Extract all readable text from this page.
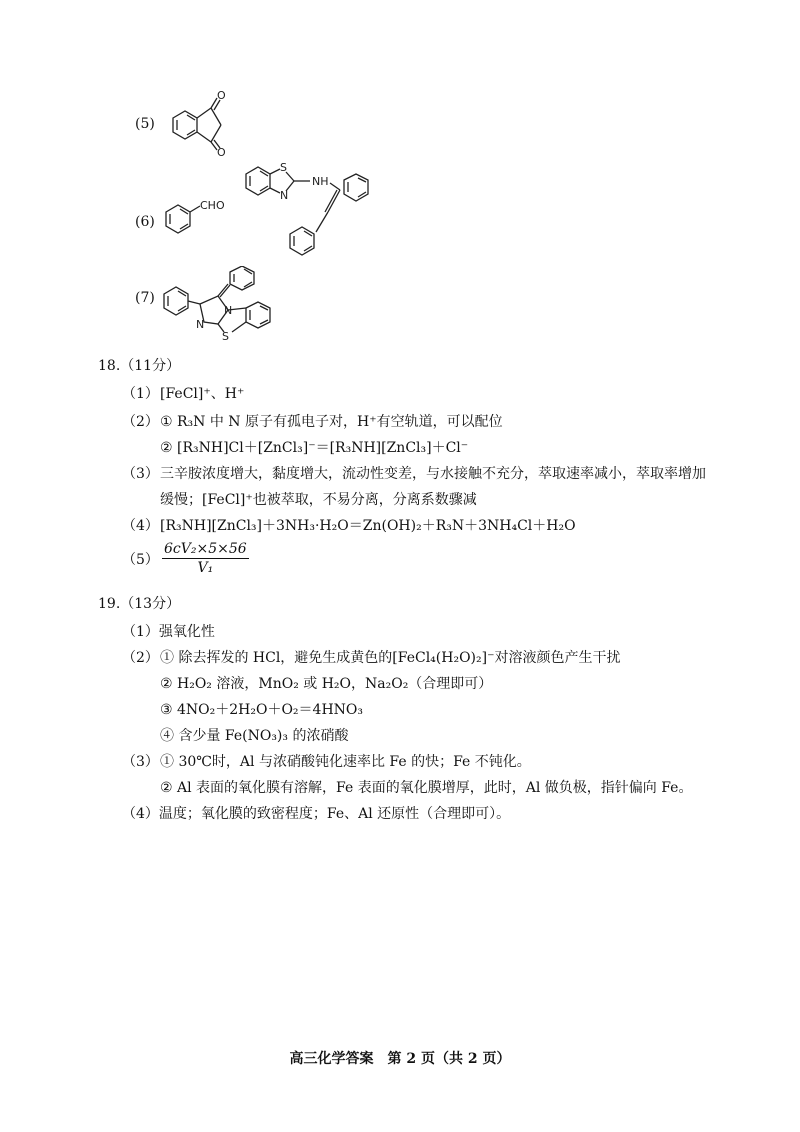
(5)
O
O
(6)
CHO
S
N
NH
(7)
N
N
S
18.（11分）
（1） [FeCl]⁺、H⁺
（2） ① R₃N 中 N 原子有孤电子对，H⁺有空轨道，可以配位
② [R₃NH]Cl＋[ZnCl₃]⁻＝[R₃NH][ZnCl₃]＋Cl⁻
（3） 三辛胺浓度增大，黏度增大，流动性变差，与水接触不充分，萃取速率减小，萃取率增加
缓慢；[FeCl]⁺也被萃取，不易分离，分离系数骤减
（4） [R₃NH][ZnCl₃]＋3NH₃·H₂O＝Zn(OH)₂＋R₃N＋3NH₄Cl＋H₂O
$(5) \frac{\text{6cV₂×5×56}}{\text{V₁}}$
19.（13分）
（1）强氧化性
（2） ① 除去挥发的 HCl，避免生成黄色的[FeCl₄(H₂O)₂]⁻对溶液颜色产生干扰
② H₂O₂ 溶液，MnO₂ 或 H₂O，Na₂O₂（合理即可）
③ 4NO₂＋2H₂O＋O₂＝4HNO₃
④ 含少量 Fe(NO₃)₃ 的浓硝酸
（3） ① 30℃时，Al 与浓硝酸钝化速率比 Fe 的快；Fe 不钝化。
② Al 表面的氧化膜有溶解，Fe 表面的氧化膜增厚，此时，Al 做负极，指针偏向 Fe。
（4）温度；氧化膜的致密程度；Fe、Al 还原性（合理即可）。
高三化学答案　第 2 页（共 2 页）
